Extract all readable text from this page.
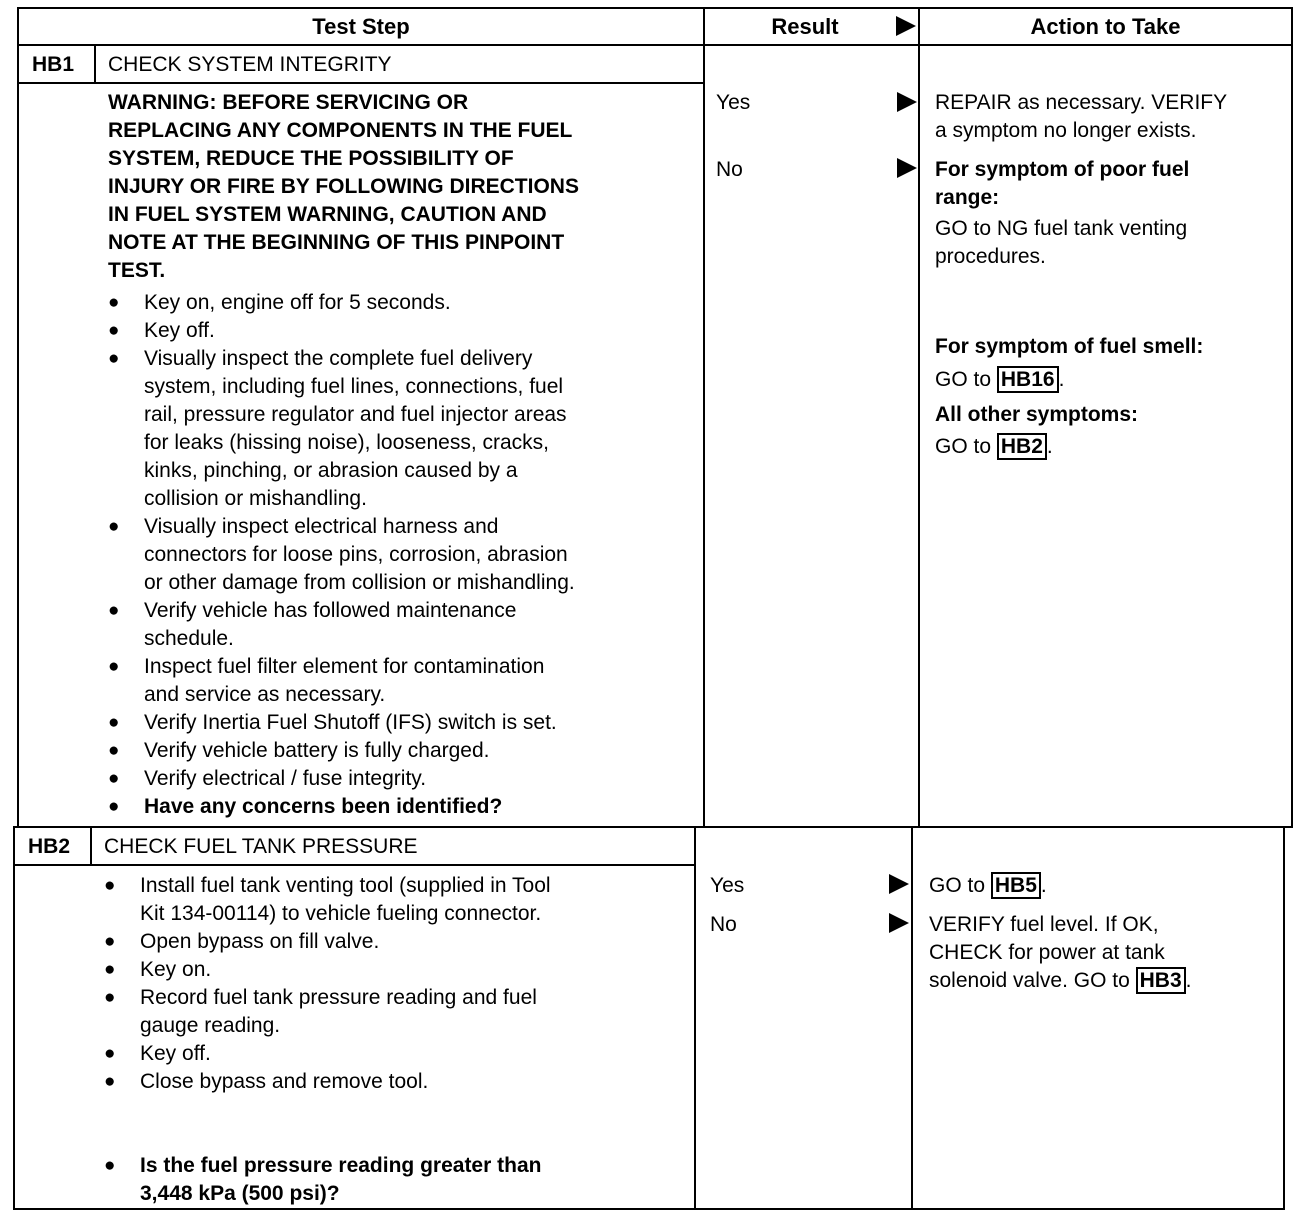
Test Step	Result	Action to Take
HB1 CHECK SYSTEM INTEGRITY
WARNING: BEFORE SERVICING OR
REPLACING ANY COMPONENTS IN THE FUEL
SYSTEM, REDUCE THE POSSIBILITY OF
INJURY OR FIRE BY FOLLOWING DIRECTIONS
IN FUEL SYSTEM WARNING, CAUTION AND
NOTE AT THE BEGINNING OF THIS PINPOINT
TEST.
● Key on, engine off for 5 seconds.
● Key off.
● Visually inspect the complete fuel delivery
system, including fuel lines, connections, fuel
rail, pressure regulator and fuel injector areas
for leaks (hissing noise), looseness, cracks,
kinks, pinching, or abrasion caused by a
collision or mishandling.
● Visually inspect electrical harness and
connectors for loose pins, corrosion, abrasion
or other damage from collision or mishandling.
● Verify vehicle has followed maintenance
schedule.
● Inspect fuel filter element for contamination
and service as necessary.
● Verify Inertia Fuel Shutoff (IFS) switch is set.
● Verify vehicle battery is fully charged.
● Verify electrical / fuse integrity.
● Have any concerns been identified?
Yes
No
REPAIR as necessary. VERIFY
a symptom no longer exists.
For symptom of poor fuel
range:
GO to NG fuel tank venting
procedures.
For symptom of fuel smell:
GO to HB16 .
All other symptoms:
GO to HB2 .
HB2 CHECK FUEL TANK PRESSURE
● Install fuel tank venting tool (supplied in Tool
Kit 134-00114) to vehicle fueling connector.
● Open bypass on fill valve.
● Key on.
● Record fuel tank pressure reading and fuel
gauge reading.
● Key off.
● Close bypass and remove tool.
● Is the fuel pressure reading greater than
3,448 kPa (500 psi)?
Yes
No
GO to HB5 .
VERIFY fuel level. If OK,
CHECK for power at tank
solenoid valve. GO to HB3 .
